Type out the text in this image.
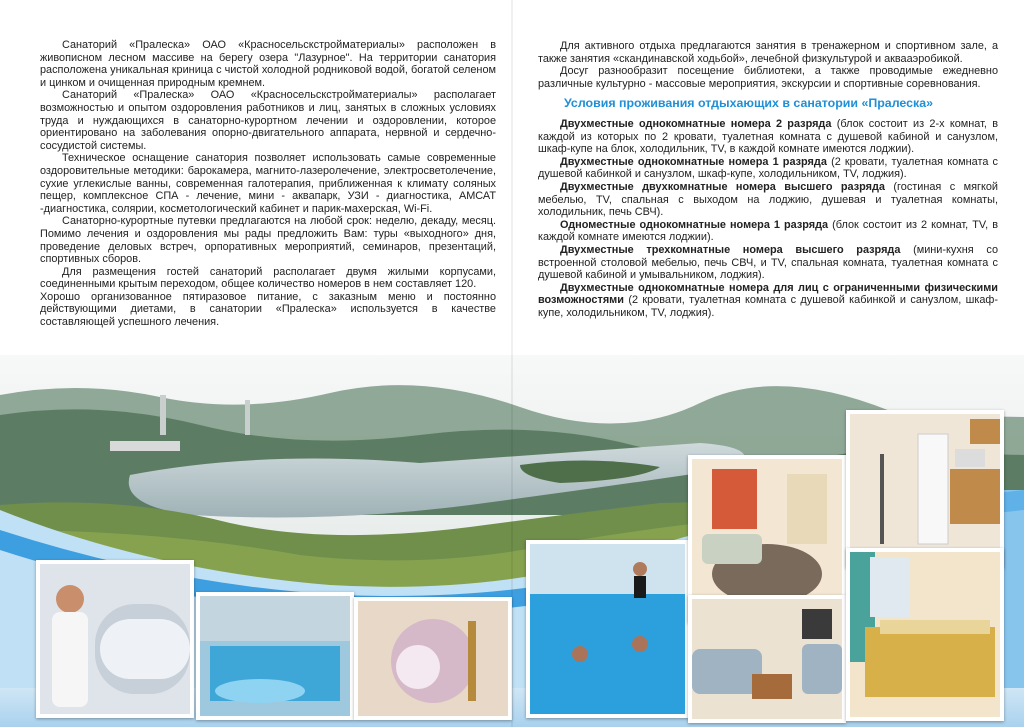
Санаторий «Пралеска» ОАО «Красносельскстройматериалы» расположен в живописном лесном массиве на берегу озера "Лазурное". На территории санатория расположена уникальная криница с чистой холодной родниковой водой, богатой селеном и цинком и очищенная природным кремнем.

Санаторий «Пралеска» ОАО «Красносельскстройматериалы» располагает возможностью и опытом оздоровления работников и лиц, занятых в сложных условиях труда и нуждающихся в санаторно-курортном лечении и оздоровлении, которое ориентировано на заболевания опорно-двигательного аппарата, нервной и сердечно-сосудистой системы.

Техническое оснащение санатория позволяет использовать самые современные оздоровительные методики: барокамера, магнито-лазеролечение, электросветолечение, сухие углекислые ванны, современная галотерапия, приближенная к климату соляных пещер, комплексное СПА - лечение, мини - аквапарк, УЗИ - диагностика, АМСАТ -диагностика, солярии, косметологический кабинет и парик-махерская, Wi-Fi.

Санаторно-курортные путевки предлагаются на любой срок: неделю, декаду, месяц. Помимо лечения и оздоровления мы рады предложить Вам: туры «выходного» дня, проведение деловых встреч, орпоративных мероприятий, семинаров, презентаций, спортивных сборов.

Для размещения гостей санаторий располагает двумя жилыми корпусами, соединенными крытым переходом, общее количество номеров в нем составляет 120.

Хорошо организованное пятиразовое питание, с заказным меню и постоянно действующими диетами, в санатории «Пралеска» используется в качестве составляющей успешного лечения.

Для активного отдыха предлагаются занятия в тренажерном и спортивном зале, а также занятия «скандинавской ходьбой», лечебной физкультурой и аквааэробикой.

Досуг разнообразит посещение библиотеки, а также проводимые ежедневно различные культурно - массовые мероприятия, экскурсии и спортивные соревнования.

Условия проживания отдыхающих в санатории «Пралеска»

Двухместные однокомнатные номера 2 разряда (блок состоит из 2-х комнат, в каждой из которых по 2 кровати, туалетная комната с душевой кабиной и санузлом, шкаф-купе на блок, холодильник, TV, в каждой комнате имеются лоджии).

Двухместные однокомнатные номера 1 разряда (2 кровати, туалетная комната с душевой кабинкой и санузлом, шкаф-купе, холодильником, TV, лоджия).

Двухместные двухкомнатные номера высшего разряда (гостиная с мягкой мебелью, TV, спальная с выходом на лоджию, душевая и туалетная комнаты, холодильник, печь СВЧ).

Одноместные однокомнатные номера 1 разряда (блок состоит из 2 комнат, TV, в каждой комнате имеются лоджии).

Двухместные трехкомнатные номера высшего разряда (мини-кухня со встроенной столовой мебелью, печь СВЧ, и TV, спальная комната, туалетная комната с душевой кабиной и умывальником, лоджия).

Двухместные однокомнатные номера для лиц с ограниченными физическими возможностями (2 кровати, туалетная комната с душевой кабинкой и санузлом, шкаф-купе, холодильником, TV, лоджия).
